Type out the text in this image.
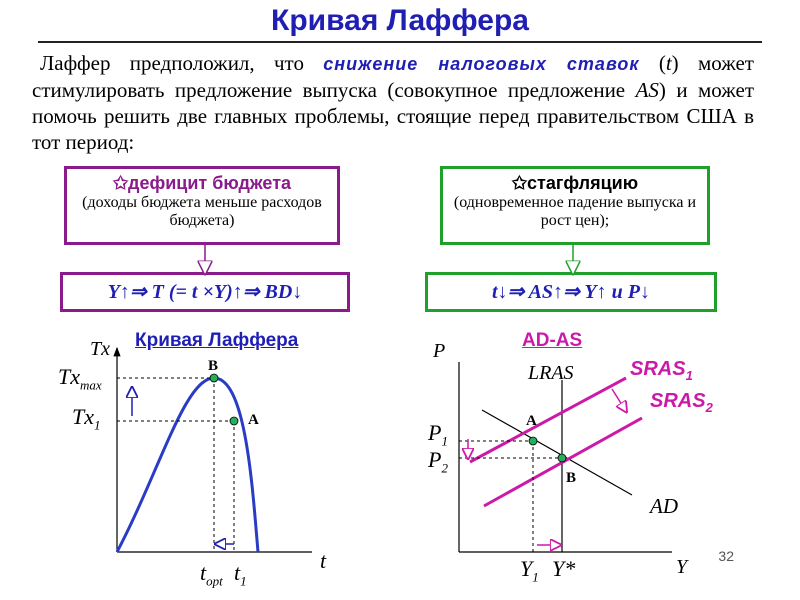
Кривая Лаффера
Лаффер предположил, что снижение налоговых ставок (t) может стимулировать предложение выпуска (совокупное предложение AS) и может помочь решить две главных проблемы, стоящие перед правительством США в тот период:
✩дефицит бюджета
(доходы бюджета меньше расходов бюджета)
✩стагфляцию
(одновременное падение выпуска и рост цен);
Y↑⇒ T (= t ×Y)↑⇒ BD↓	t↓⇒ AS↑⇒ Y↑ и P↓
Кривая Лаффера
Tx
t
$Tx_{max}$
$Tx_1$
B
A
$t_{opt}$ $t_1$
AD-AS
P
Y
LRAS	$SRAS_1$
$SRAS_2$
AD
$P_1$
$P_2$
A
B
$Y_1$ Y*	32
